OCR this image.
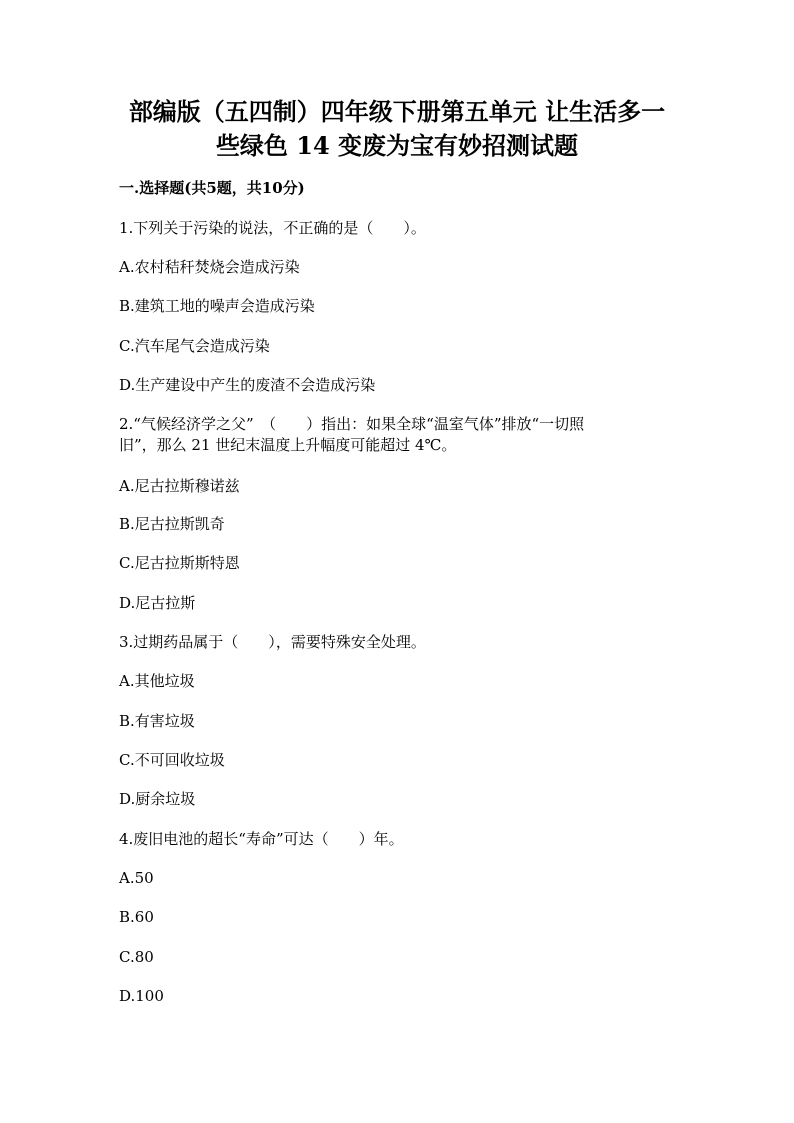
部编版（五四制）四年级下册第五单元 让生活多一
些绿色 14 变废为宝有妙招测试题
一.选择题(共5题，共10分)
1.下列关于污染的说法，不正确的是（　　）。
A.农村秸秆焚烧会造成污染
B.建筑工地的噪声会造成污染
C.汽车尾气会造成污染
D.生产建设中产生的废渣不会造成污染
2.“气候经济学之父”　（　　）指出：如果全球“温室气体”排放“一切照
旧”，那么 21 世纪末温度上升幅度可能超过 4℃。
A.尼古拉斯穆诺兹
B.尼古拉斯凯奇
C.尼古拉斯斯特恩
D.尼古拉斯
3.过期药品属于（　　），需要特殊安全处理。
A.其他垃圾
B.有害垃圾
C.不可回收垃圾
D.厨余垃圾
4.废旧电池的超长“寿命”可达（　　）年。
A.50
B.60
C.80
D.100
